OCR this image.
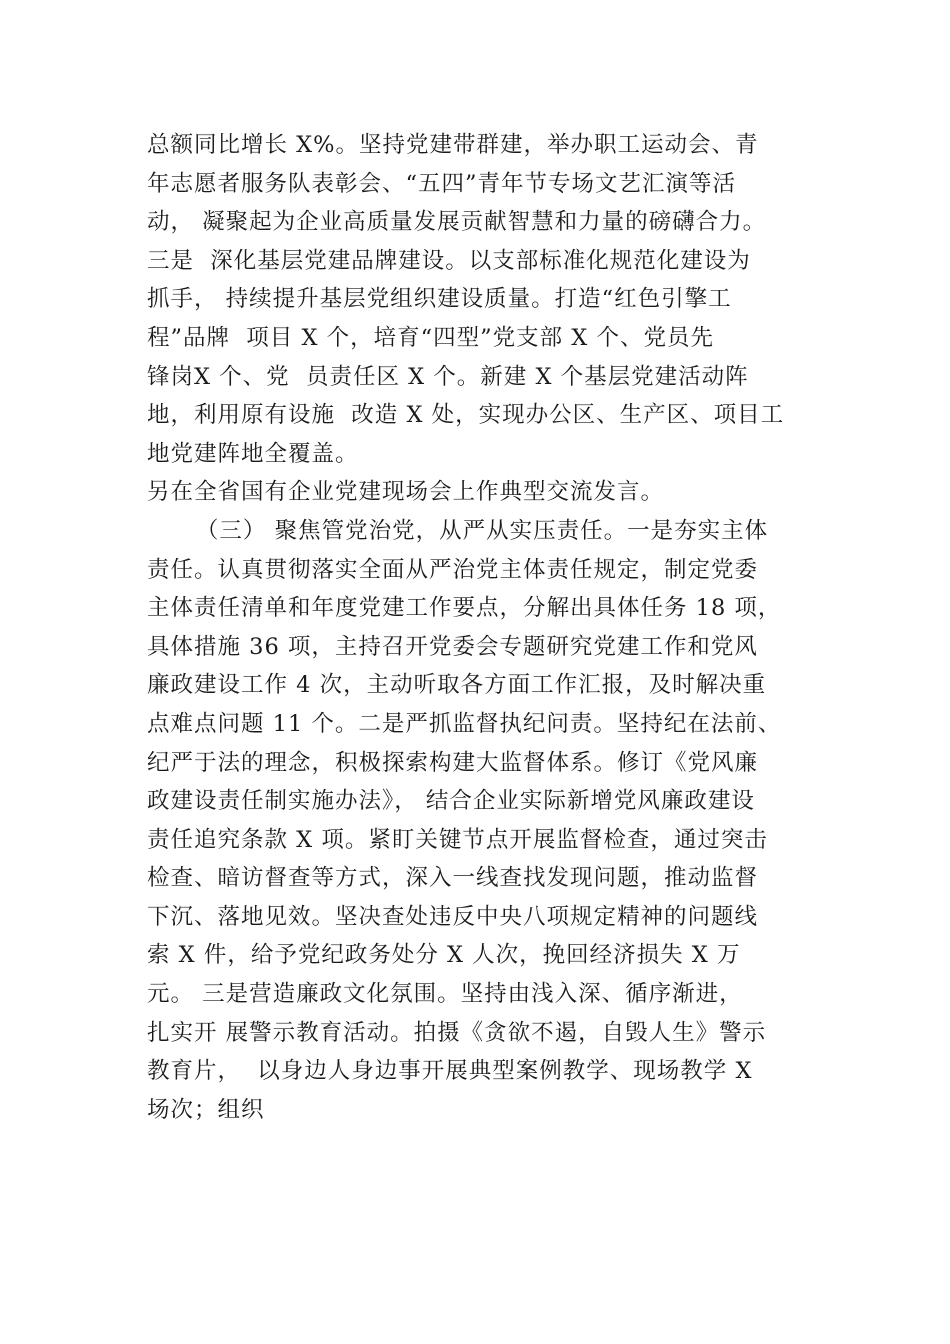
总额同比增长 X%。坚持党建带群建，举办职工运动会、青
年志愿者服务队表彰会、“五四”青年节专场文艺汇演等活
动， 凝聚起为企业高质量发展贡献智慧和力量的磅礴合力。
三是  深化基层党建品牌建设。以支部标准化规范化建设为
抓手， 持续提升基层党组织建设质量。打造“红色引擎工
程”品牌  项目 X 个，培育“四型”党支部 X 个、党员先
锋岗X 个、党  员责任区 X 个。新建 X 个基层党建活动阵
地，利用原有设施  改造 X 处，实现办公区、生产区、项目工
地党建阵地全覆盖。
另在全省国有企业党建现场会上作典型交流发言。
（三） 聚焦管党治党，从严从实压责任。一是夯实主体
责任。认真贯彻落实全面从严治党主体责任规定，制定党委
主体责任清单和年度党建工作要点，分解出具体任务 18 项，
具体措施 36 项，主持召开党委会专题研究党建工作和党风
廉政建设工作 4 次，主动听取各方面工作汇报，及时解决重
点难点问题 11 个。二是严抓监督执纪问责。坚持纪在法前、
纪严于法的理念，积极探索构建大监督体系。修订《党风廉
政建设责任制实施办法》， 结合企业实际新增党风廉政建设
责任追究条款 X 项。紧盯关键节点开展监督检查，通过突击
检查、暗访督查等方式，深入一线查找发现问题，推动监督
下沉、落地见效。坚决查处违反中央八项规定精神的问题线
索 X 件，给予党纪政务处分 X 人次，挽回经济损失 X 万
元。 三是营造廉政文化氛围。坚持由浅入深、循序渐进，
扎实开 展警示教育活动。拍摄《贪欲不遏，自毁人生》警示
教育片，  以身边人身边事开展典型案例教学、现场教学 X
场次；组织
